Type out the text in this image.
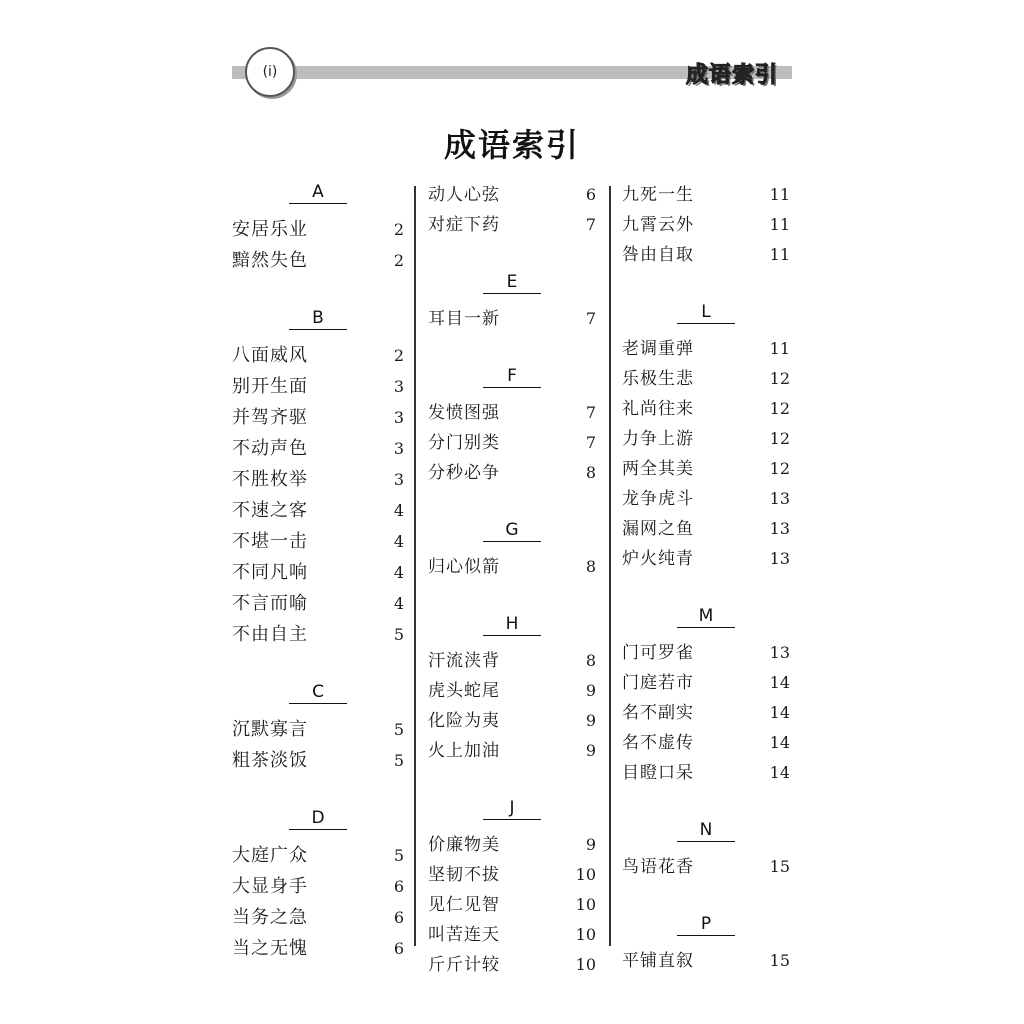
(i)	成语索引
成语索引
A
安居乐业	2
黯然失色	2
B
八面威风	2
别开生面	3
并驾齐驱	3
不动声色	3
不胜枚举	3
不速之客	4
不堪一击	4
不同凡响	4
不言而喻	4
不由自主	5
C
沉默寡言	5
粗茶淡饭	5
D
大庭广众	5
大显身手	6
当务之急	6
当之无愧	6
动人心弦	6
对症下药	7
E
耳目一新	7
F
发愤图强	7
分门别类	7
分秒必争	8
G
归心似箭	8
H
汗流浃背	8
虎头蛇尾	9
化险为夷	9
火上加油	9
J
价廉物美	9
坚韧不拔	10
见仁见智	10
叫苦连天	10
斤斤计较	10
九死一生	11
九霄云外	11
咎由自取	11
L
老调重弹	11
乐极生悲	12
礼尚往来	12
力争上游	12
两全其美	12
龙争虎斗	13
漏网之鱼	13
炉火纯青	13
M
门可罗雀	13
门庭若市	14
名不副实	14
名不虚传	14
目瞪口呆	14
N
鸟语花香	15
P
平铺直叙	15
